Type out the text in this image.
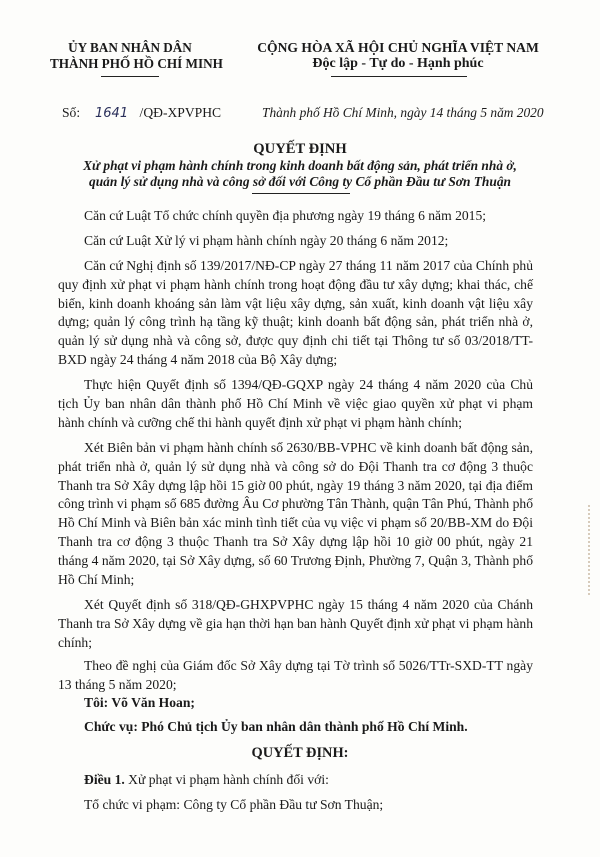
ỦY BAN NHÂN DÂN
THÀNH PHỐ HỒ CHÍ MINH
CỘNG HÒA XÃ HỘI CHỦ NGHĨA VIỆT NAM
Độc lập - Tự do - Hạnh phúc
Số: 1641 /QĐ-XPVPHC	Thành phố Hồ Chí Minh, ngày 14 tháng 5 năm 2020
QUYẾT ĐỊNH
Xử phạt vi phạm hành chính trong kinh doanh bất động sản, phát triển nhà ở,
quản lý sử dụng nhà và công sở đối với Công ty Cổ phần Đầu tư Sơn Thuận
Căn cứ Luật Tổ chức chính quyền địa phương ngày 19 tháng 6 năm 2015;
Căn cứ Luật Xử lý vi phạm hành chính ngày 20 tháng 6 năm 2012;
Căn cứ Nghị định số 139/2017/NĐ-CP ngày 27 tháng 11 năm 2017 của Chính phủ quy định xử phạt vi phạm hành chính trong hoạt động đầu tư xây dựng; khai thác, chế biến, kinh doanh khoáng sản làm vật liệu xây dựng, sản xuất, kinh doanh vật liệu xây dựng; quản lý công trình hạ tầng kỹ thuật; kinh doanh bất động sản, phát triển nhà ở, quản lý sử dụng nhà và công sở, được quy định chi tiết tại Thông tư số 03/2018/TT-BXD ngày 24 tháng 4 năm 2018 của Bộ Xây dựng;
Thực hiện Quyết định số 1394/QĐ-GQXP ngày 24 tháng 4 năm 2020 của Chủ tịch Ủy ban nhân dân thành phố Hồ Chí Minh về việc giao quyền xử phạt vi phạm hành chính và cưỡng chế thi hành quyết định xử phạt vi phạm hành chính;
Xét Biên bản vi phạm hành chính số 2630/BB-VPHC về kinh doanh bất động sản, phát triển nhà ở, quản lý sử dụng nhà và công sở do Đội Thanh tra cơ động 3 thuộc Thanh tra Sở Xây dựng lập hồi 15 giờ 00 phút, ngày 19 tháng 3 năm 2020, tại địa điểm công trình vi phạm số 685 đường Âu Cơ phường Tân Thành, quận Tân Phú, Thành phố Hồ Chí Minh và Biên bản xác minh tình tiết của vụ việc vi phạm số 20/BB-XM do Đội Thanh tra cơ động 3 thuộc Thanh tra Sở Xây dựng lập hồi 10 giờ 00 phút, ngày 21 tháng 4 năm 2020, tại Sở Xây dựng, số 60 Trương Định, Phường 7, Quận 3, Thành phố Hồ Chí Minh;
Xét Quyết định số 318/QĐ-GHXPVPHC ngày 15 tháng 4 năm 2020 của Chánh Thanh tra Sở Xây dựng về gia hạn thời hạn ban hành Quyết định xử phạt vi phạm hành chính;
Theo đề nghị của Giám đốc Sở Xây dựng tại Tờ trình số 5026/TTr-SXD-TT ngày 13 tháng 5 năm 2020;
Tôi: Võ Văn Hoan;
Chức vụ: Phó Chủ tịch Ủy ban nhân dân thành phố Hồ Chí Minh.
QUYẾT ĐỊNH:
Điều 1. Xử phạt vi phạm hành chính đối với:
Tổ chức vi phạm: Công ty Cổ phần Đầu tư Sơn Thuận;
